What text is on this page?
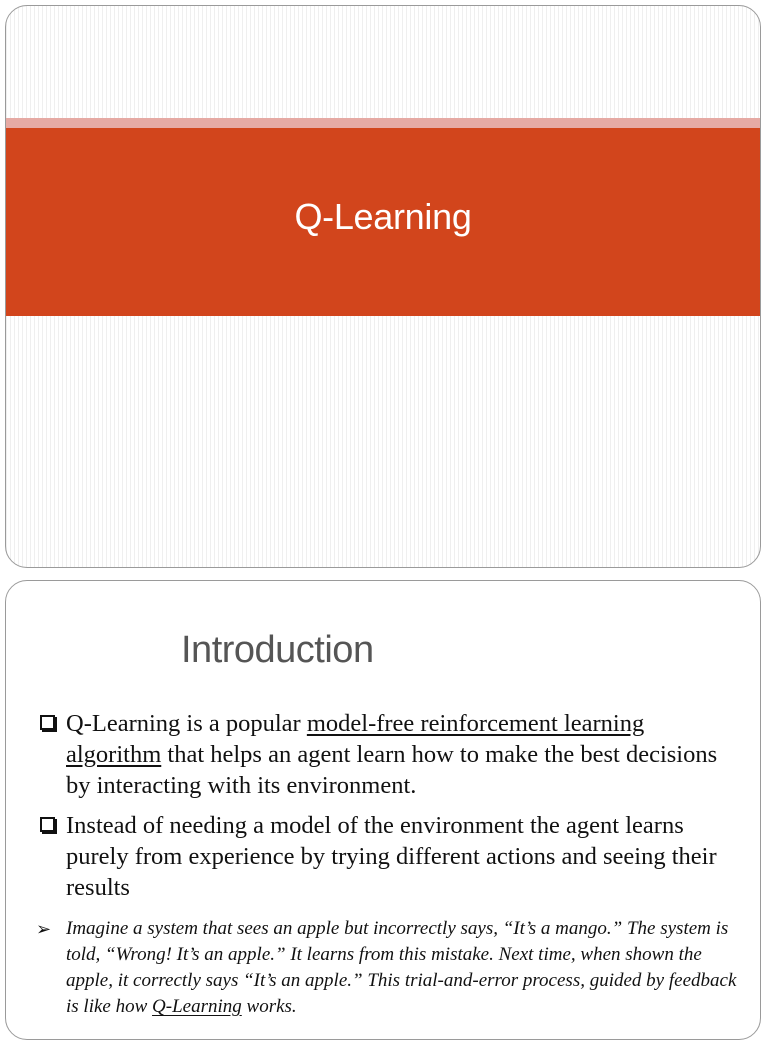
Q-Learning
Introduction
Q-Learning is a popular model-free reinforcement learning algorithm that helps an agent learn how to make the best decisions by interacting with its environment.
Instead of needing a model of the environment the agent learns purely from experience by trying different actions and seeing their results
➢ Imagine a system that sees an apple but incorrectly says, “It’s a mango.” The system is told, “Wrong! It’s an apple.” It learns from this mistake. Next time, when shown the apple, it correctly says “It’s an apple.” This trial-and-error process, guided by feedback is like how Q-Learning works.
